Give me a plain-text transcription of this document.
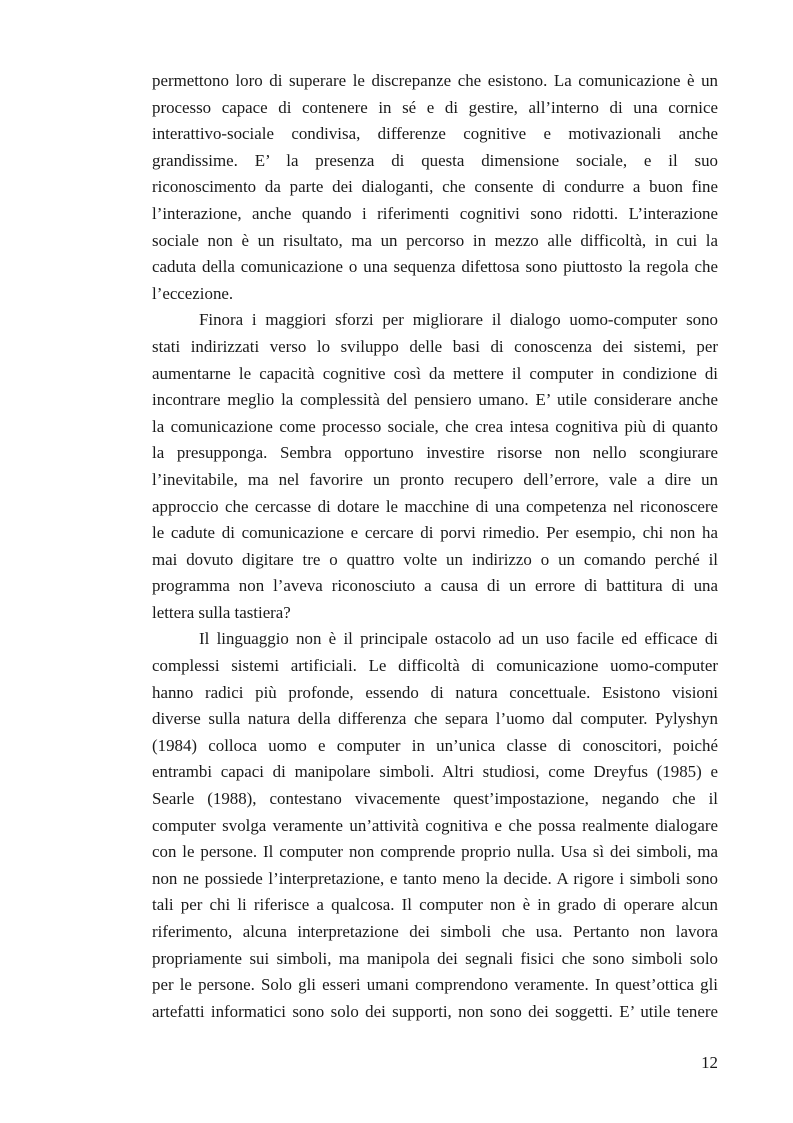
permettono loro di superare le discrepanze che esistono. La comunicazione è un
processo capace di contenere in sé e di gestire, all’interno di una cornice
interattivo-sociale condivisa, differenze cognitive e motivazionali anche
grandissime. E’ la presenza di questa dimensione sociale, e il suo
riconoscimento da parte dei dialoganti, che consente di condurre a buon fine
l’interazione, anche quando i riferimenti cognitivi sono ridotti. L’interazione
sociale non è un risultato, ma un percorso in mezzo alle difficoltà, in cui la
caduta della comunicazione o una sequenza difettosa sono piuttosto la regola che
l’eccezione.
Finora i maggiori sforzi per migliorare il dialogo uomo-computer sono
stati indirizzati verso lo sviluppo delle basi di conoscenza dei sistemi, per
aumentarne le capacità cognitive così da mettere il computer in condizione di
incontrare meglio la complessità del pensiero umano. E’ utile considerare anche
la comunicazione come processo sociale, che crea intesa cognitiva più di quanto
la presupponga. Sembra opportuno investire risorse non nello scongiurare
l’inevitabile, ma nel favorire un pronto recupero dell’errore, vale a dire un
approccio che cercasse di dotare le macchine di una competenza nel riconoscere
le cadute di comunicazione e cercare di porvi rimedio. Per esempio, chi non ha
mai dovuto digitare tre o quattro volte un indirizzo o un comando perché il
programma non l’aveva riconosciuto a causa di un errore di battitura di una
lettera sulla tastiera?
Il linguaggio non è il principale ostacolo ad un uso facile ed efficace di
complessi sistemi artificiali. Le difficoltà di comunicazione uomo-computer
hanno radici più profonde, essendo di natura concettuale. Esistono visioni
diverse sulla natura della differenza che separa l’uomo dal computer. Pylyshyn
(1984) colloca uomo e computer in un’unica classe di conoscitori, poiché
entrambi capaci di manipolare simboli. Altri studiosi, come Dreyfus (1985) e
Searle (1988), contestano vivacemente quest’impostazione, negando che il
computer svolga veramente un’attività cognitiva e che possa realmente dialogare
con le persone. Il computer non comprende proprio nulla. Usa sì dei simboli, ma
non ne possiede l’interpretazione, e tanto meno la decide. A rigore i simboli sono
tali per chi li riferisce a qualcosa. Il computer non è in grado di operare alcun
riferimento, alcuna interpretazione dei simboli che usa. Pertanto non lavora
propriamente sui simboli, ma manipola dei segnali fisici che sono simboli solo
per le persone. Solo gli esseri umani comprendono veramente. In quest’ottica gli
artefatti informatici sono solo dei supporti, non sono dei soggetti. E’ utile tenere
12
